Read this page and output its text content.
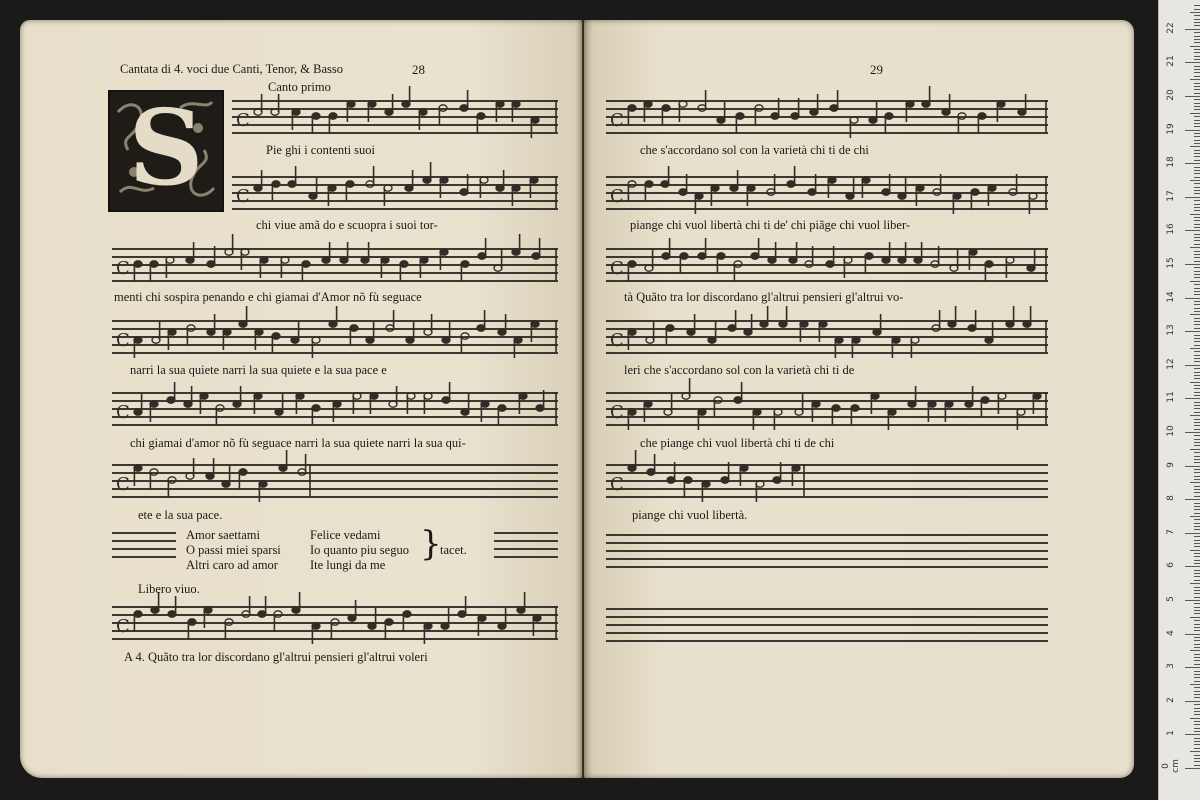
Cantata di 4. voci due Canti, Tenor, & Basso	28
Canto primo
S	C
Pie ghi i contenti suoi
C
chi viue amã do e scuopra i suoi tor-
C
menti chi sospira penando e chi giamai d'Amor nõ fù seguace
C
narri la sua quiete narri la sua quiete e la sua pace e
C
chi giamai d'amor nõ fù seguace narri la sua quiete narri la sua qui-
C
ete e la sua pace.
Amor saettami
O passi miei sparsi
Altri caro ad amor
Felice vedami
Io quanto piu seguo
Ite lungi da me
}
tacet.
Libero viuo.
C
A 4. Quãto tra lor discordano gl'altrui pensieri gl'altrui voleri
29
C
che s'accordano sol con la varietà chi ti de chi
C
piange chi vuol libertà chi ti de' chi piãge chi vuol liber-
C
tà Quãto tra lor discordano gl'altrui pensieri gl'altrui vo-
C
leri che s'accordano sol con la varietà chi ti de
C
che piange chi vuol libertà chi ti de chi
C
piange chi vuol libertà.
0 cm
1
2
3
4
5
6
7
8
9
10
11
12
13
14
15
16
17
18
19
20
21
22
